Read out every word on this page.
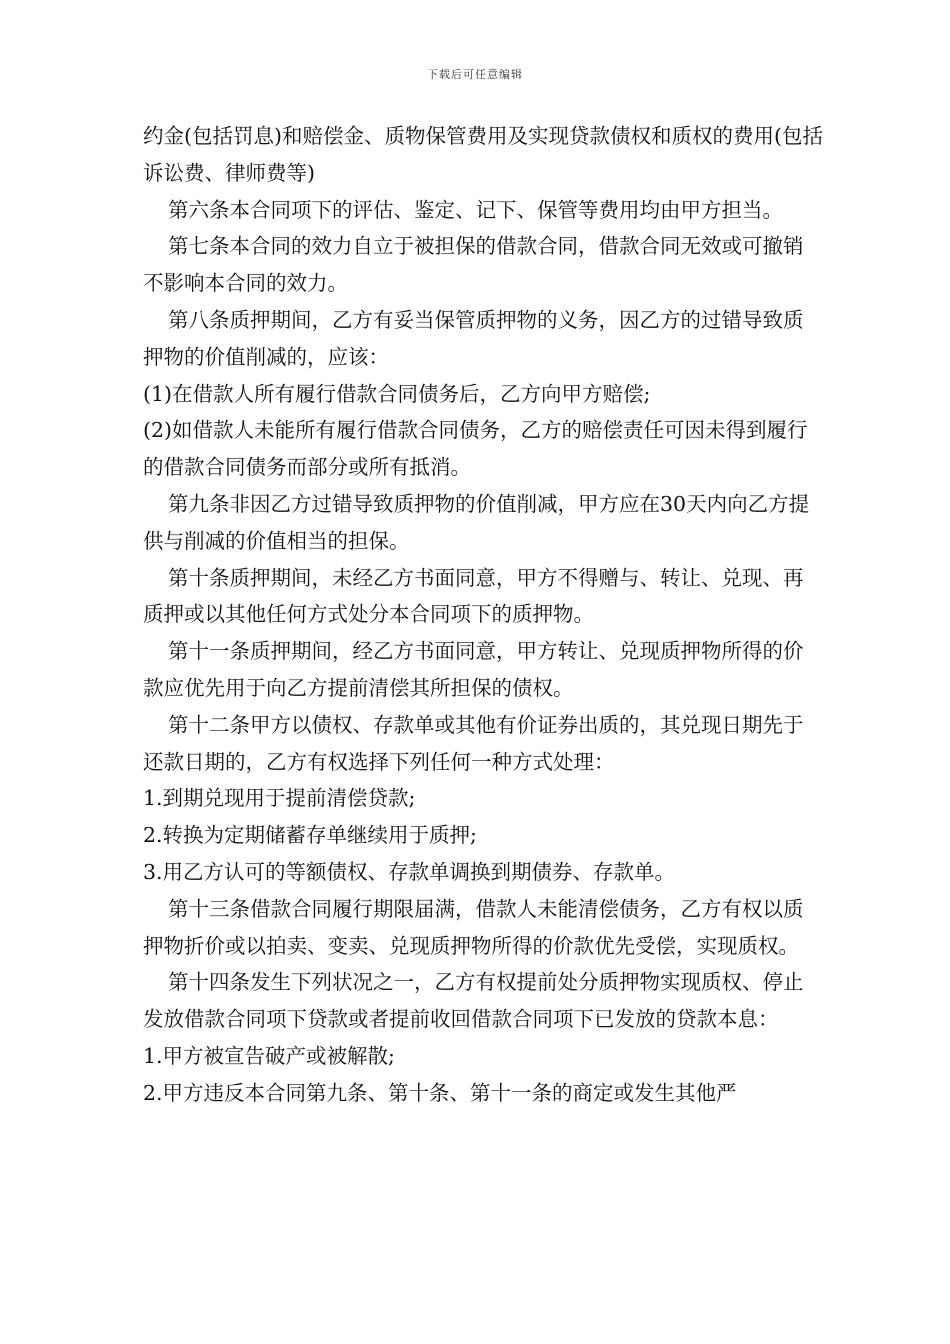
下载后可任意编辑

约金(包括罚息)和赔偿金、质物保管费用及实现贷款债权和质权的费用(包括诉讼费、律师费等)

第六条本合同项下的评估、鉴定、记下、保管等费用均由甲方担当。

第七条本合同的效力自立于被担保的借款合同，借款合同无效或可撤销不影响本合同的效力。

第八条质押期间，乙方有妥当保管质押物的义务，因乙方的过错导致质押物的价值削减的，应该：

(1)在借款人所有履行借款合同债务后，乙方向甲方赔偿;

(2)如借款人未能所有履行借款合同债务，乙方的赔偿责任可因未得到履行的借款合同债务而部分或所有抵消。

第九条非因乙方过错导致质押物的价值削减，甲方应在30天内向乙方提供与削减的价值相当的担保。

第十条质押期间，未经乙方书面同意，甲方不得赠与、转让、兑现、再质押或以其他任何方式处分本合同项下的质押物。

第十一条质押期间，经乙方书面同意，甲方转让、兑现质押物所得的价款应优先用于向乙方提前清偿其所担保的债权。

第十二条甲方以债权、存款单或其他有价证券出质的，其兑现日期先于还款日期的，乙方有权选择下列任何一种方式处理：

1.到期兑现用于提前清偿贷款;

2.转换为定期储蓄存单继续用于质押;

3.用乙方认可的等额债权、存款单调换到期债券、存款单。

第十三条借款合同履行期限届满，借款人未能清偿债务，乙方有权以质押物折价或以拍卖、变卖、兑现质押物所得的价款优先受偿，实现质权。

第十四条发生下列状况之一，乙方有权提前处分质押物实现质权、停止发放借款合同项下贷款或者提前收回借款合同项下已发放的贷款本息：

1.甲方被宣告破产或被解散;

2.甲方违反本合同第九条、第十条、第十一条的商定或发生其他严
